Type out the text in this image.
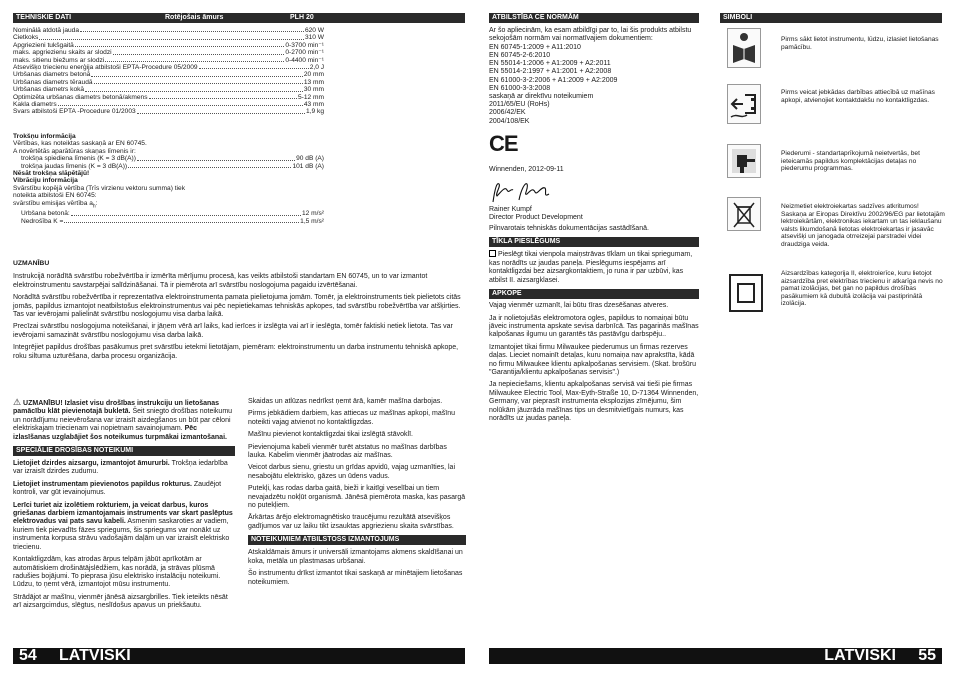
TEHNISKIE DATI	Rotējošais āmurs	PLH 20
Nominālā atdotā jauda	620 W
Cietkoks	310 W
Apgriezieni tukšgaitā	0-3700 min⁻¹
maks. apgriezienu skaits ar slodzi	0-2700 min⁻¹
maks. sitienu biežums ar slodzi	0-4400 min⁻¹
Atsevišķo triecienu enerģija atbilstoši EPTA-Procedure 05/2009	2,0 J
Urbšanas diametrs betonā	20 mm
Urbšanas diametrs tēraudā	13 mm
Urbšanas diametrs kokā	30 mm
Optimizēta urbšanas diametrs betonā/akmens	5-12 mm
Kakla diametrs	43 mm
Svars atbilstoši EPTA -Procedure 01/2003	1,9 kg
Trokšņu informācija
Vērtības, kas noteiktas saskaņā ar EN 60745.
A novērtētās aparātūras skaņas līmenis ir:
trokšņa spiediena līmenis (K = 3 dB(A))	90 dB (A)
trokšņa jaudas līmenis (K = 3 dB(A))	101 dB (A)
Nēsāt trokšņa slāpētājū!
Vibrāciju informācija
Svārstību kopējā vērtība (Trīs virzienu vektoru summa) tiek
noteikta atbilstoši EN 60745:
svārstību emisijas vērtība $a_h$:
Urbšana betonā:	12 m/s²
Nedrošība K =	1,5 m/s²

UZMANĪBU

Instrukcijā norādītā svārstību robežvērtība ir izmērīta mērījumu procesā, kas veikts atbilstoši standartam EN 60745, un to var izmantot elektroinstrumentu savstarpējai salīdzināšanai. Tā ir piemērota arī svārstību noslogojuma pagaidu izvērtēšanai.

Norādītā svārstību robežvērtība ir reprezentatīva elektroinstrumenta pamata pielietojuma jomām. Tomēr, ja elektroinstruments tiek pielietots citās jomās, papildus izmantojot neatbilstošus elektroinstrumentus vai pēc nepietiekamas tehniskās apkopes, tad svārstību robežvērtība var atšķirties. Tas var ievērojami palielināt svārstību noslogojumu visa darba laikā.

Precīzai svārstību noslogojuma noteikšanai, ir jāņem vērā arī laiks, kad ierīces ir izslēgta vai arī ir ieslēgta, tomēr faktiski netiek lietota. Tas var ievērojami samazināt svārstību noslogojumu visa darba laikā.

Integrējiet papildus drošības pasākumus pret svārstību ietekmi lietotājam, piemēram: elektroinstrumentu un darba instrumentu tehniskā apkope, roku siltuma uzturēšana, darba procesu organizācija.

⚠ UZMANĪBU! Izlasiet visu drošības instrukciju un lietošanas pamācību klāt pievienotajā bukletā. Šeit sniegto drošības noteikumu un norādījumu neievērošana var izraisīt aizdegšanos un būt par cēloni elektriskajam triecienam vai nopietnam savainojumam. Pēc izlasīšanas uzglabājiet šos noteikumus turpmākai izmantošanai.

SPECIĀLIE DROŠĪBAS NOTEIKUMI

Lietojiet dzirdes aizsargu, izmantojot āmururbi. Trokšņa iedarbība var izraisīt dzirdes zudumu.

Lietojiet instrumentam pievienotos papildus rokturus. Zaudējot kontroli, var gūt ievainojumus.

Lerīci turiet aiz izolētiem rokturiem, ja veicat darbus, kuros griešanas darbiem izmantojamais instruments var skart paslēptus elektrovadus vai pats savu kabeli. Asmenim saskaroties ar vadiem, kuriem tiek pievadīts fāzes spriegums, šis spriegums var nonākt uz instrumenta korpusa strāvu vadošajām daļām un var izraisīt elektrisko triecienu.

Kontaktligzdām, kas atrodas ārpus telpām jābūt aprīkotām ar automātiskiem drošinātājslēdžiem, kas norādā, ja strāvas plūsmā radušies bojājumi. To pieprasa jūsu elektrisko instalāciju noteikumi. Lūdzu, to ņemt vērā, izmantojot mūsu instrumentu.

Strādājot ar mašīnu, vienmēr jānēsā aizsargbrilles. Tiek ieteikts nēsāt arī aizsargcimdus, slēgtus, neslīdošus apavus un priekšautu.

Skaidas un atlūzas nedrīkst ņemt ārā, kamēr mašīna darbojas.

Pirms jebkādiem darbiem, kas attiecas uz mašīnas apkopi, mašīnu noteikti vajag atvienot no kontaktligzdas.

Mašīnu pievienot kontaktligzdai tikai izslēgtā stāvoklī.

Pievienojuma kabeli vienmēr turēt atstatus no mašīnas darbības lauka. Kabelim vienmēr jāatrodas aiz mašīnas.

Veicot darbus sienu, griestu un grīdas apvidū, vajag uzmanīties, lai nesabojātu elektrisko, gāzes un ūdens vadus.

Putekļi, kas rodas darba gaitā, bieži ir kaitīgi veselībai un tiem nevajadzētu nokļūt organismā. Jānēsā piemērota maska, kas pasargā no putekļiem.

Ārkārtas ārējo elektromagnētisko traucējumu rezultātā atsevišķos gadījumos var uz laiku tikt izsauktas apgriezienu skaita svārstības.

NOTEIKUMIEM ATBILSTOŠS IZMANTOJUMS

Atskaldāmais āmurs ir universāli izmantojams akmens skaldīšanai un koka, metāla un plastmasas urbšanai.

Šo instrumentu drīkst izmantot tikai saskaņā ar minētajiem lietošanas noteikumiem.

54 LATVISKI
ATBILSTĪBA CE NORMĀM

Ar šo apliecinām, ka esam atbildīgi par to, lai šis produkts atbilstu sekojošām normām vai normatīvajiem dokumentiem:

EN 60745-1:2009 + A11:2010
EN 60745-2-6:2010
EN 55014-1:2006 + A1:2009 + A2:2011
EN 55014-2:1997 + A1:2001 + A2:2008
EN 61000-3-2:2006 + A1:2009 + A2:2009
EN 61000-3-3:2008
saskaņā ar direktīvu noteikumiem
2011/65/EU (RoHs)
2006/42/EK
2004/108/EK
CE

Winnenden, 2012-09-11

Rainer Kumpf
Director Product Development

Pilnvarotais tehniskās dokumentācijas sastādīšanā.

TĪKLA PIESLĒGUMS

Pieslēgt tikai vienpola maiņstrāvas tīklam un tikai spriegumam, kas norādīts uz jaudas paneļa. Pieslēgums iespējams arī kontaktligzdai bez aizsargkontaktiem, jo runa ir par uzbūvi, kas atbilst II. aizsargklasei.

APKOPE

Vajag vienmēr uzmanīt, lai būtu tīras dzesēšanas atveres.

Ja ir nolietojušās elektromotora ogles, papildus to nomaiņai būtu jāveic instrumenta apskate sevisa darbnīcā. Tas pagarinās mašīnas kalpošanas ilgumu un garantēs tās pastāvīgu darbspēju..

Izmantojiet tikai firmu Milwaukee piederumus un firmas rezerves daļas. Lieciet nomainīt detaļas, kuru nomaiņa nav aprakstīta, kādā no firmu Milwaukee klientu apkalpošanas servisiem. (Skat. brošūru "Garantija/klientu apkalpošanas servisis".)

Ja nepieciešams, klientu apkalpošanas servisā vai tieši pie firmas Milwaukee Electric Tool, Max-Eyth-Straße 10, D-71364 Winnenden, Germany, var pieprasīt instrumenta eksplozijas zīmējumu, šim nolūkām jāuzrāda mašīnas tips un desmitvietīgais numurs, kas norādīts uz jaudas paneļa.

SIMBOLI
Pirms sākt lietot instrumentu, lūdzu, izlasiet lietošanas pamācību.
Pirms veicat jebkādas darbības attiecībā uz mašīnas apkopi, atvienojiet kontaktdakšu no kontaktligzdas.
Piederumi - standartaprīkojumā neietvertās, bet ieteicamās papildus komplektācijas detaļas no piederumu programmas.
Neizmetiet elektroiekartas sadzīves atkritumos! Saskaņa ar Eiropas Direktīvu 2002/96/EG par lietotajām lektroiekārtām, elektronikas iekartam un tas ieklaušanu valsts likumdošanā lietotas elektroiekartas ir jasavāc atsevišķi un janogada otrreizejai parstradei videi draudziga veida.
Aizsardzības kategorija II, elektroierīce, kuru lietojot aizsardzība pret elektrības triecienu ir atkarīga nevis no pamat izolācijas, bet gan no papildus drošības pasākumiem kā dubultā izolācija vai pastiprinātā izolācija.
LATVISKI 55
